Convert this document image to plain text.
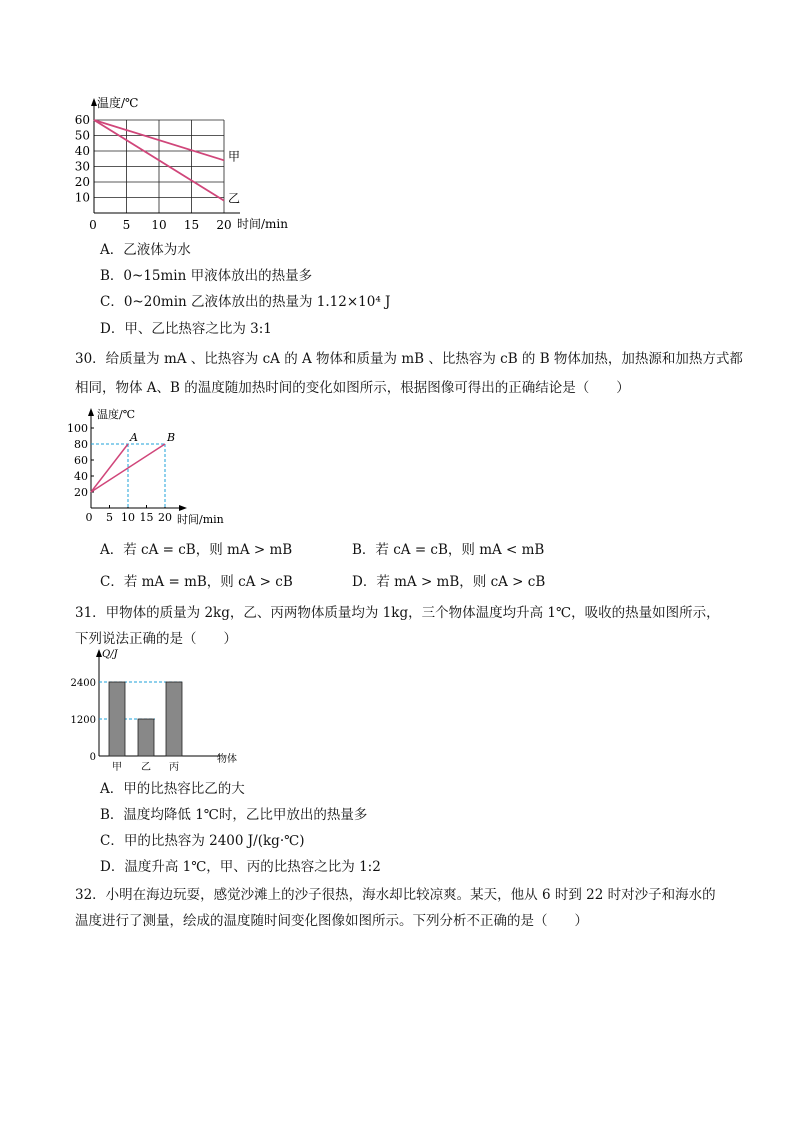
60
50
40
30
20
10
0 5 10 15 20
甲
乙
温度/℃
时间/min
A．乙液体为水
B．0~15min 甲液体放出的热量多
C．0~20min 乙液体放出的热量为 1.12×10⁴ J
D．甲、乙比热容之比为 3:1
30．给质量为 mA 、比热容为 cA 的 A 物体和质量为 mB 、比热容为 cB 的 B 物体加热，加热源和加热方式都
相同，物体 A、B 的温度随加热时间的变化如图所示，根据图像可得出的正确结论是（　　）
100
80
60
40
20
0 5 10 15 20
A	B
温度/℃
时间/min
A．若 cA = cB，则 mA > mB	B．若 cA = cB，则 mA < mB
C．若 mA = mB，则 cA > cB	D．若 mA > mB，则 cA > cB
31．甲物体的质量为 2kg，乙、丙两物体质量均为 1kg，三个物体温度均升高 1℃，吸收的热量如图所示，
下列说法正确的是（　　）
2400
1200
0
甲 乙 丙
Q/J
物体
A．甲的比热容比乙的大
B．温度均降低 1℃时，乙比甲放出的热量多
C．甲的比热容为 2400 J/(kg·℃)
D．温度升高 1℃，甲、丙的比热容之比为 1:2
32．小明在海边玩耍，感觉沙滩上的沙子很热，海水却比较凉爽。某天，他从 6 时到 22 时对沙子和海水的
温度进行了测量，绘成的温度随时间变化图像如图所示。下列分析不正确的是（　　）
